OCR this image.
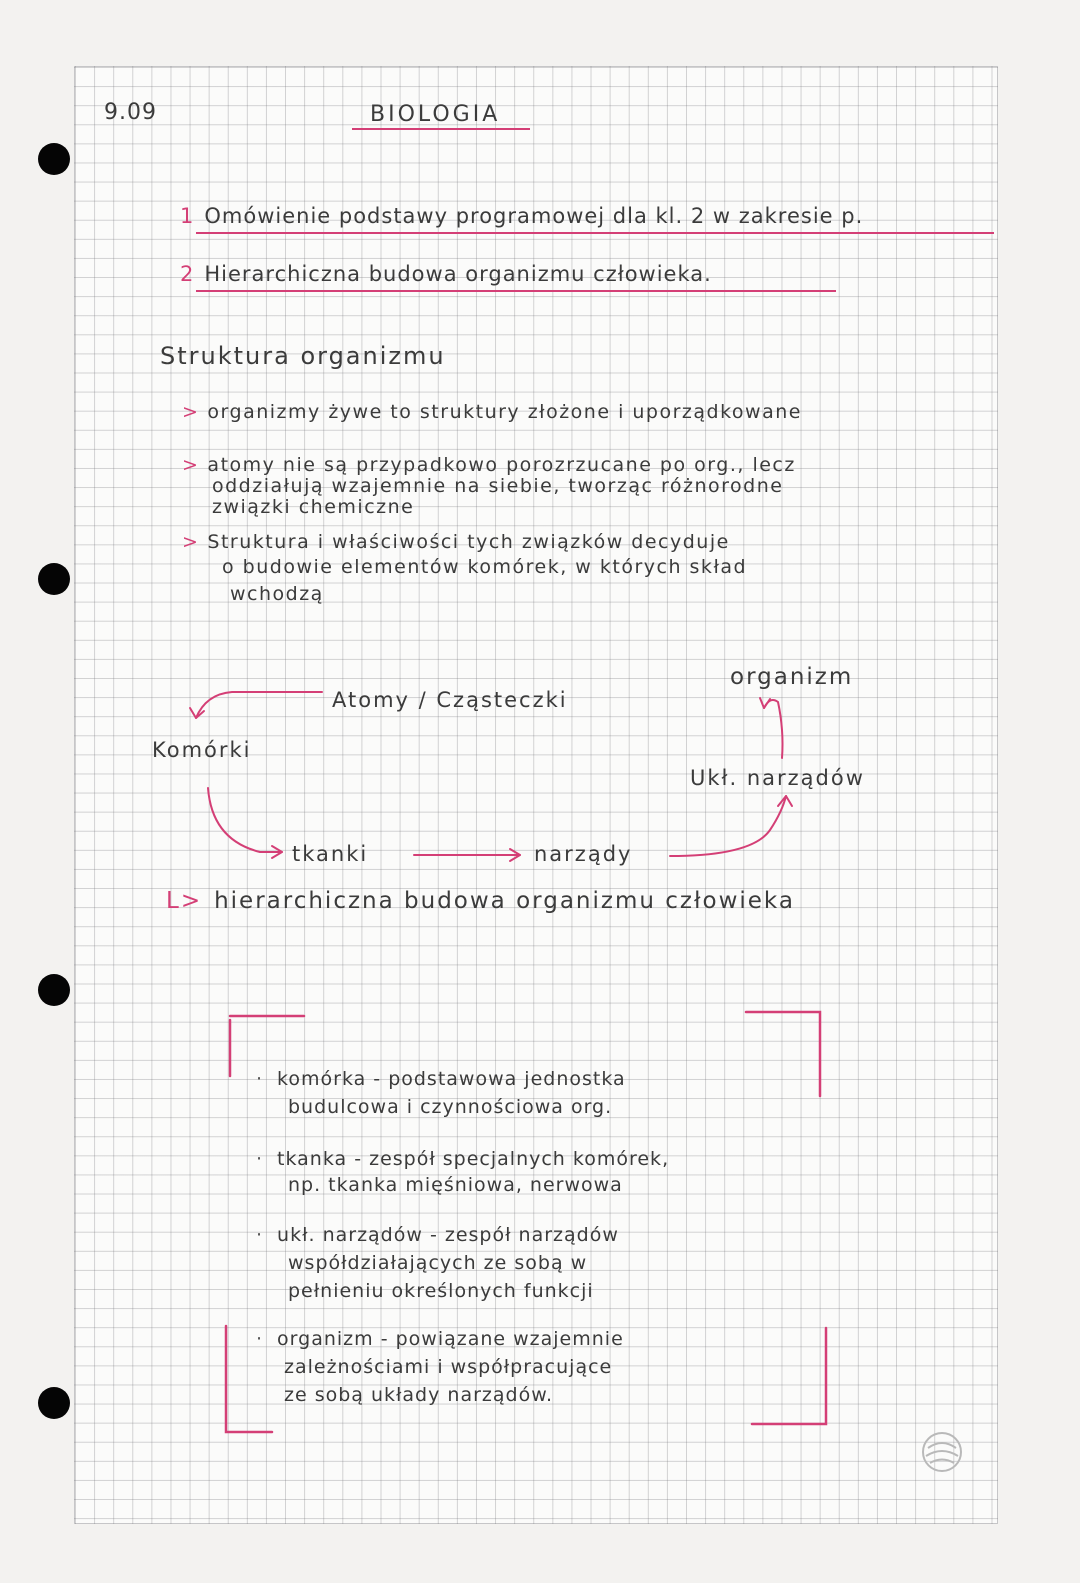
9.09	BIOLOGIA
1 Omówienie podstawy programowej dla kl. 2 w zakresie p.
2 Hierarchiczna budowa organizmu człowieka.
Struktura organizmu
> organizmy żywe to struktury złożone i uporządkowane
> atomy nie są przypadkowo porozrzucane po org., lecz
oddziałują wzajemnie na siebie, tworząc różnorodne
związki chemiczne
> Struktura i właściwości tych związków decyduje
o budowie elementów komórek, w których skład
wchodzą
Atomy / Cząsteczki
Komórki
tkanki	narządy
Ukł. narządów
organizm
L> hierarchiczna budowa organizmu człowieka
· komórka - podstawowa jednostka
budulcowa i czynnościowa org.
· tkanka - zespół specjalnych komórek,
np. tkanka mięśniowa, nerwowa
· ukł. narządów - zespół narządów
współdziałających ze sobą w
pełnieniu określonych funkcji
· organizm - powiązane wzajemnie
zależnościami i współpracujące
ze sobą układy narządów.
